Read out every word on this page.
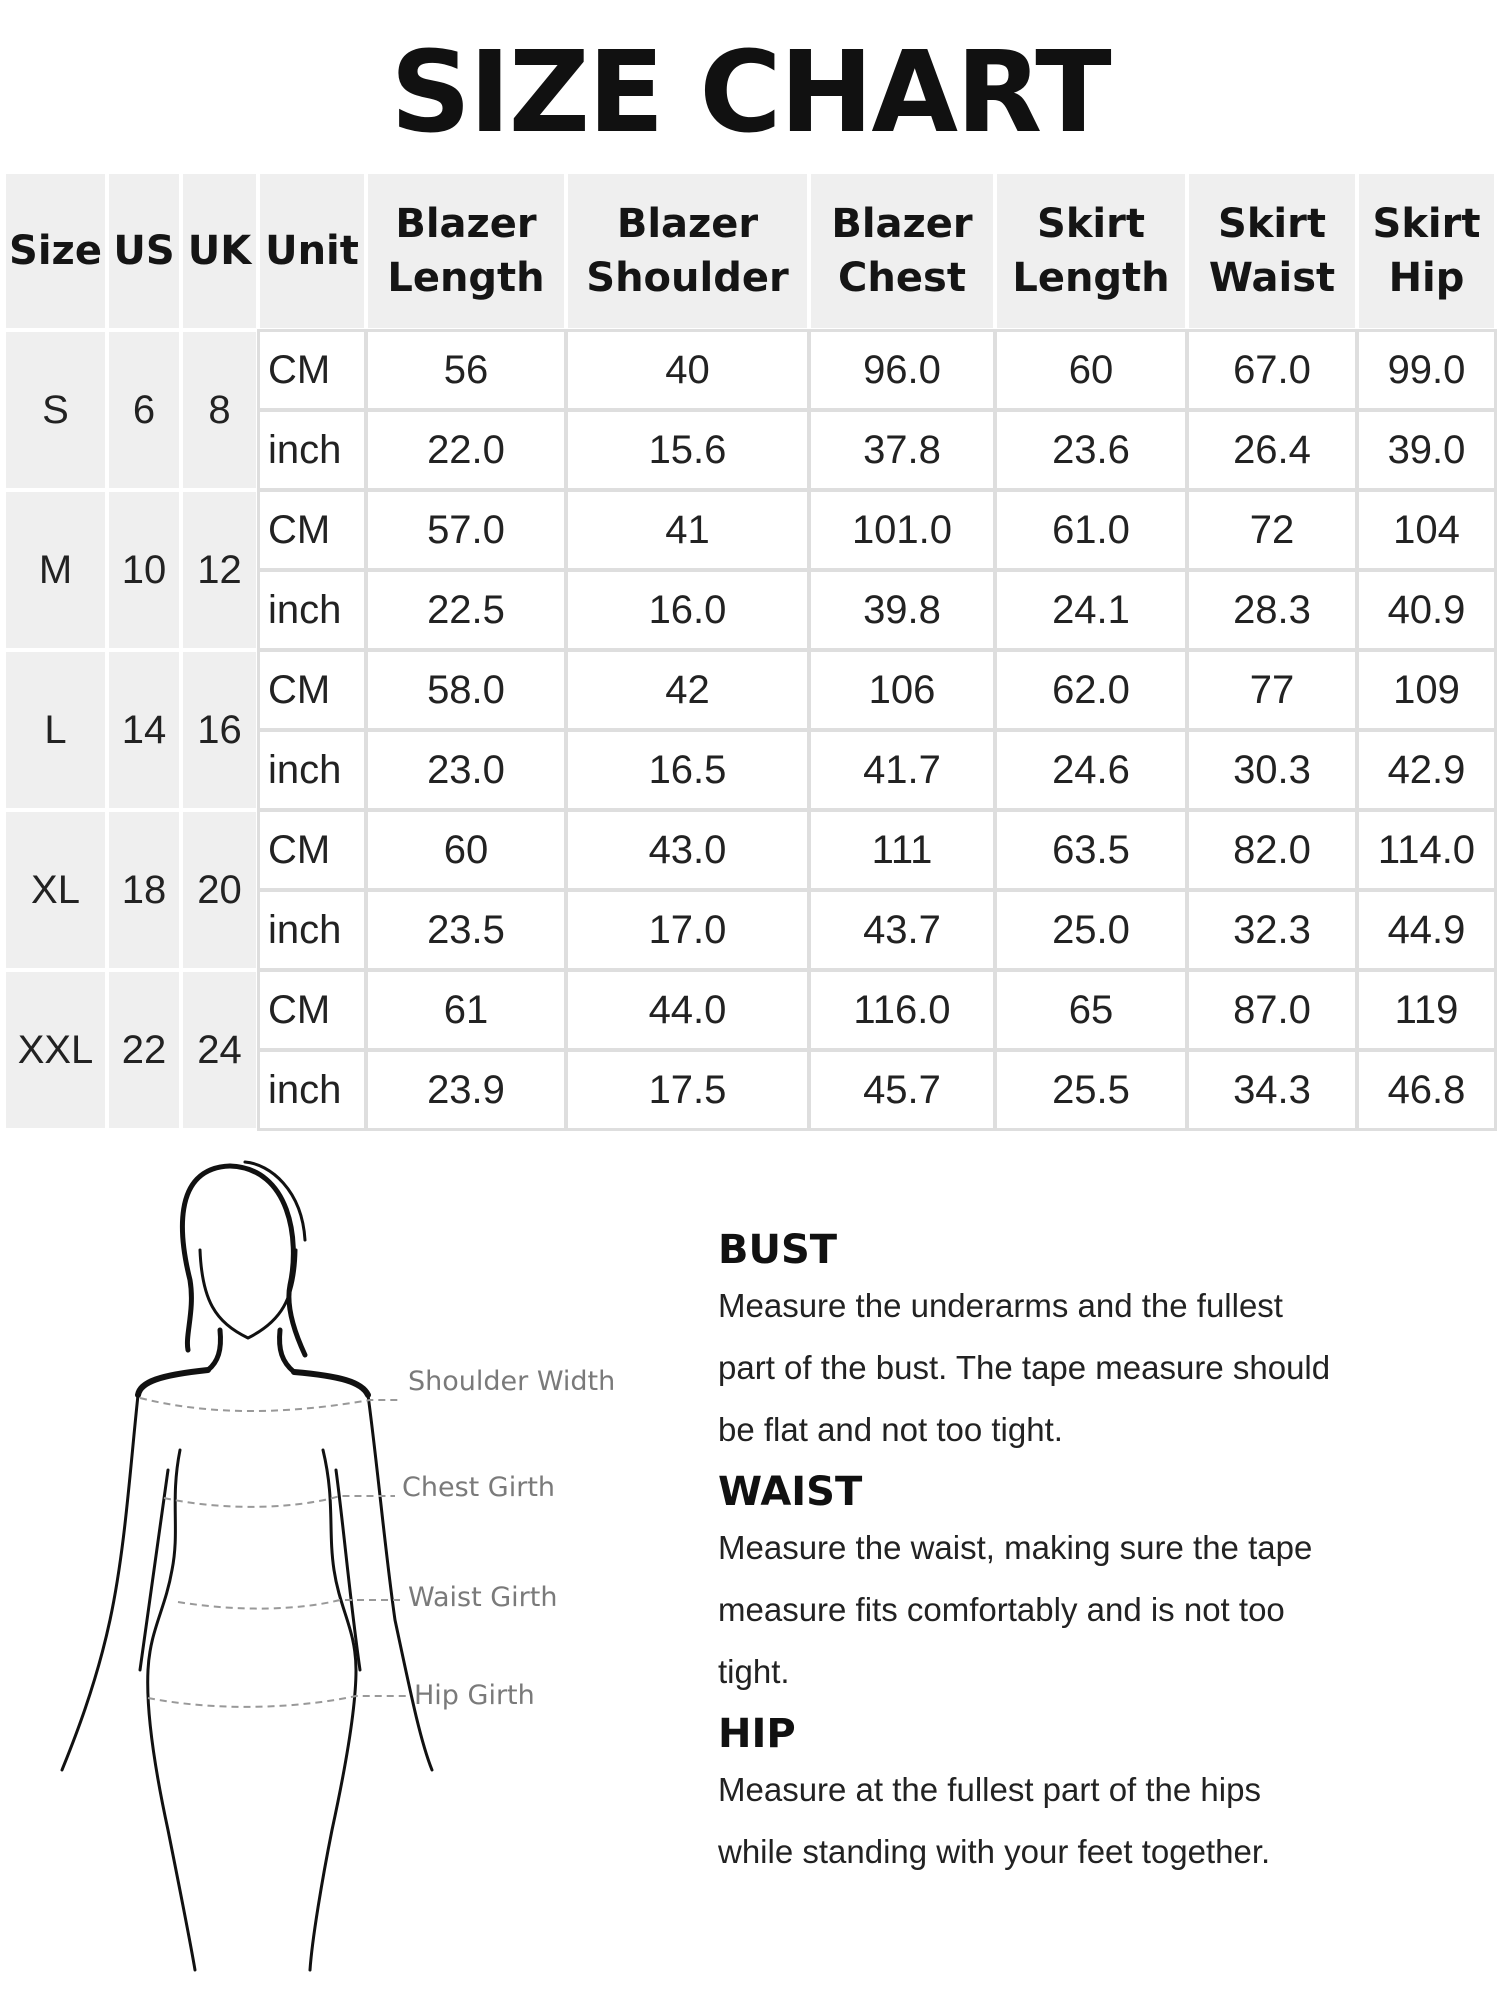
SIZE CHART
Size	US	UK	Unit	Blazer Length	Blazer Shoulder	Blazer Chest	Skirt Length	Skirt Waist	Skirt Hip
S	6	8	CM	56	40	96.0	60	67.0	99.0
			inch	22.0	15.6	37.8	23.6	26.4	39.0
M	10	12	CM	57.0	41	101.0	61.0	72	104
			inch	22.5	16.0	39.8	24.1	28.3	40.9
L	14	16	CM	58.0	42	106	62.0	77	109
			inch	23.0	16.5	41.7	24.6	30.3	42.9
XL	18	20	CM	60	43.0	111	63.5	82.0	114.0
			inch	23.5	17.0	43.7	25.0	32.3	44.9
XXL	22	24	CM	61	44.0	116.0	65	87.0	119
			inch	23.9	17.5	45.7	25.5	34.3	46.8
Shoulder Width
Chest Girth
Waist Girth
Hip Girth
BUST

Measure the underarms and the fullest
part of the bust. The tape measure should
be flat and not too tight.

WAIST

Measure the waist, making sure the tape
measure fits comfortably and is not too
tight.

HIP

Measure at the fullest part of the hips
while standing with your feet together.
